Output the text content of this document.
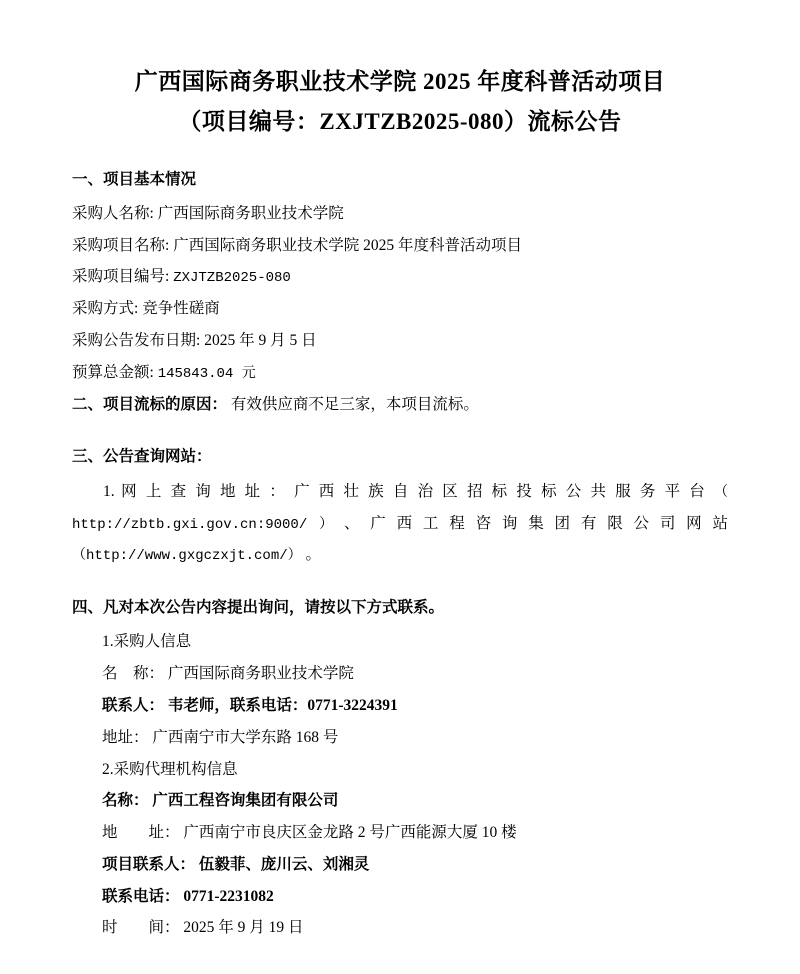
广西国际商务职业技术学院 2025 年度科普活动项目
（项目编号：ZXJTZB2025-080）流标公告
一、项目基本情况

采购人名称: 广西国际商务职业技术学院

采购项目名称: 广西国际商务职业技术学院 2025 年度科普活动项目

采购项目编号: ZXJTZB2025-080

采购方式: 竞争性磋商

采购公告发布日期: 2025 年 9 月 5 日

预算总金额: 145843.04 元

二、项目流标的原因： 有效供应商不足三家，本项目流标。

三、公告查询网站：

1. 网 上 查 询 地 址 ： 广 西 壮 族 自 治 区 招 标 投 标 公 共 服 务 平 台 （ http://zbtb.gxi.gov.cn:9000/ ） 、 广 西 工 程 咨 询 集 团 有 限 公 司 网 站 （http://www.gxgczxjt.com/） 。

四、凡对本次公告内容提出询问，请按以下方式联系。

1.采购人信息

名　称： 广西国际商务职业技术学院

联系人： 韦老师，联系电话：0771-3224391

地址： 广西南宁市大学东路 168 号

2.采购代理机构信息

名称： 广西工程咨询集团有限公司

地　　址： 广西南宁市良庆区金龙路 2 号广西能源大厦 10 楼

项目联系人： 伍毅菲、庞川云、刘湘灵

联系电话： 0771-2231082

时　　间： 2025 年 9 月 19 日
